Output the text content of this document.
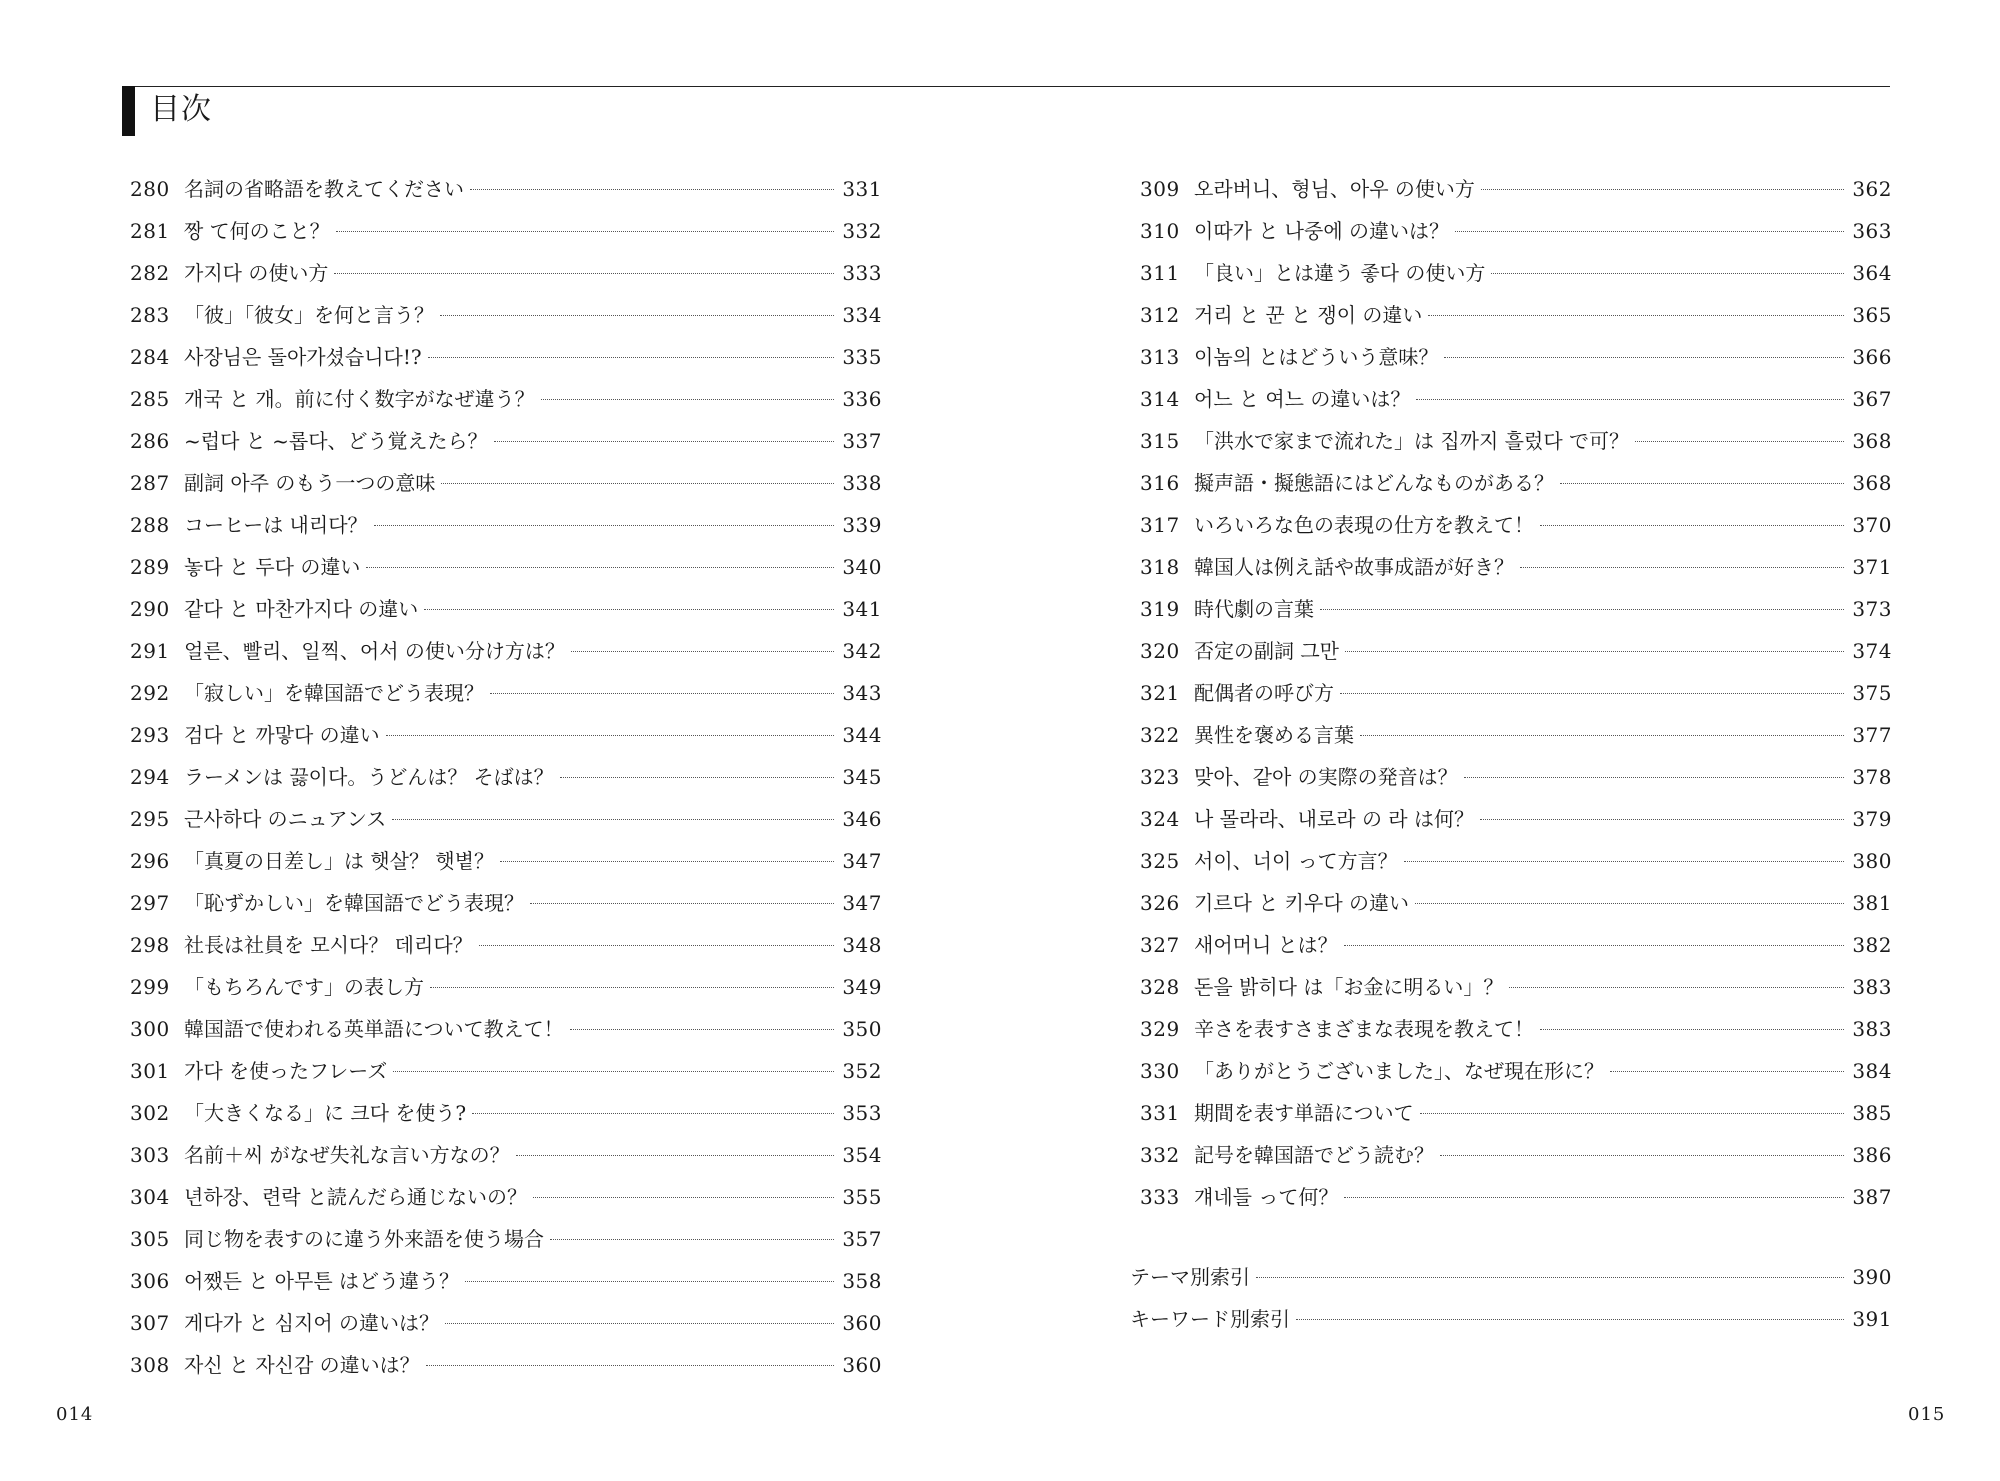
目次
280 名詞の省略語を教えてください	331
281 짱 て何のこと？	332
282 가지다 の使い方	333
283 「彼」「彼女」を何と言う？	334
284 사장님은 돌아가셨습니다!?	335
285 개국 と 개。前に付く数字がなぜ違う？	336
286 ~럽다 と ~롭다、どう覚えたら？	337
287 副詞 아주 のもう一つの意味	338
288 コーヒーは 내리다？	339
289 놓다 と 두다 の違い	340
290 같다 と 마찬가지다 の違い	341
291 얼른、빨리、일찍、어서 の使い分け方は？	342
292 「寂しい」を韓国語でどう表現？	343
293 검다 と 까맣다 の違い	344
294 ラーメンは 끓이다。うどんは？ そばは？	345
295 근사하다 のニュアンス	346
296 「真夏の日差し」は 햇살？ 햇볕？	347
297 「恥ずかしい」を韓国語でどう表現？	347
298 社長は社員を 모시다？ 데리다？	348
299 「もちろんです」の表し方	349
300 韓国語で使われる英単語について教えて！	350
301 가다 を使ったフレーズ	352
302 「大きくなる」に 크다 を使う?	353
303 名前＋씨 がなぜ失礼な言い方なの？	354
304 년하장、련락 と読んだら通じないの？	355
305 同じ物を表すのに違う外来語を使う場合	357
306 어쨌든 と 아무튼 はどう違う？	358
307 게다가 と 심지어 の違いは？	360
308 자신 と 자신감 の違いは？	360
309 오라버니、형님、아우 の使い方	362
310 이따가 と 나중에 の違いは？	363
311 「良い」とは違う 좋다 の使い方	364
312 거리 と 꾼 と 쟁이 の違い	365
313 이놈의 とはどういう意味？	366
314 어느 と 여느 の違いは？	367
315 「洪水で家まで流れた」は 집까지 흘렀다 で可？	368
316 擬声語・擬態語にはどんなものがある？	368
317 いろいろな色の表現の仕方を教えて！	370
318 韓国人は例え話や故事成語が好き？	371
319 時代劇の言葉	373
320 否定の副詞 그만	374
321 配偶者の呼び方	375
322 異性を褒める言葉	377
323 맞아、같아 の実際の発音は？	378
324 나 몰라라、내로라 の 라 は何？	379
325 서이、너이 って方言？	380
326 기르다 と 키우다 の違い	381
327 새어머니 とは？	382
328 돈을 밝히다 は「お金に明るい」？	383
329 辛さを表すさまざまな表現を教えて！	383
330 「ありがとうございました」、なぜ現在形に？	384
331 期間を表す単語について	385
332 記号を韓国語でどう読む？	386
333 걔네들 って何？	387
テーマ別索引	390
キーワード別索引	391
014	015
